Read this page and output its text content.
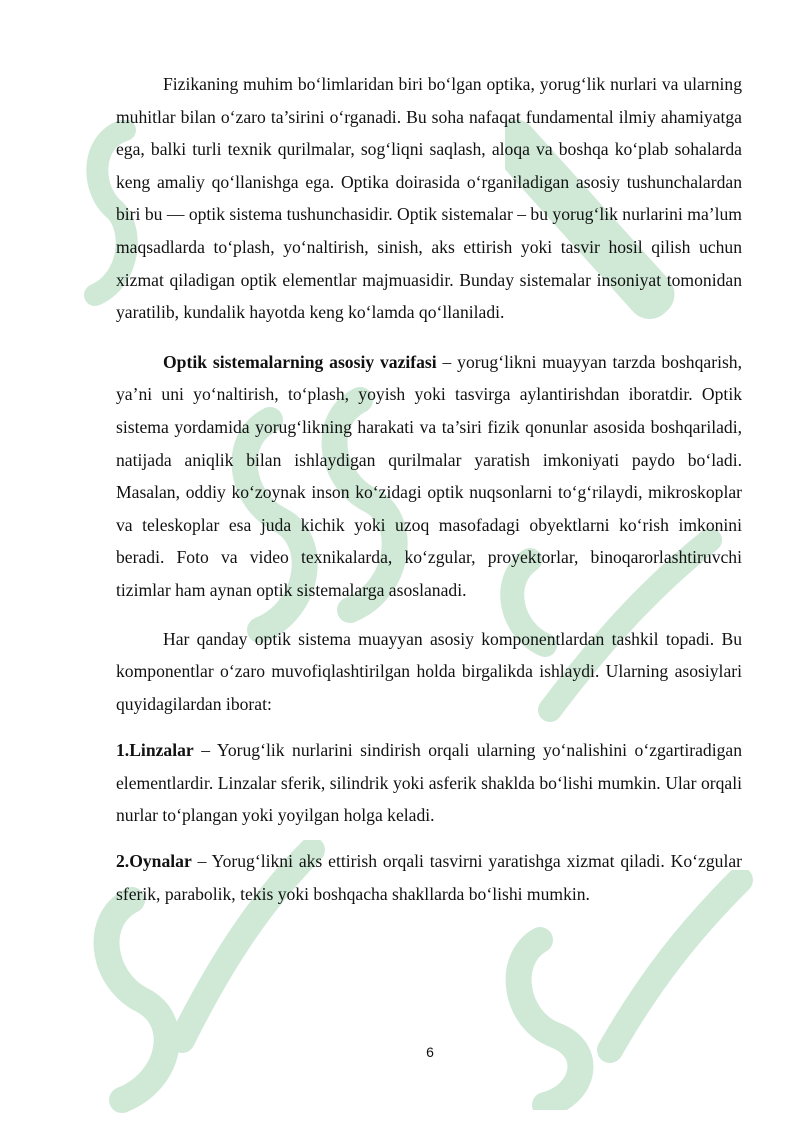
Fizikaning muhim bo‘limlaridan biri bo‘lgan optika, yorug‘lik nurlari va ularning muhitlar bilan o‘zaro ta’sirini o‘rganadi. Bu soha nafaqat fundamental ilmiy ahamiyatga ega, balki turli texnik qurilmalar, sog‘liqni saqlash, aloqa va boshqa ko‘plab sohalarda keng amaliy qo‘llanishga ega. Optika doirasida o‘rganiladigan asosiy tushunchalardan biri bu — optik sistema tushunchasidir. Optik sistemalar – bu yorug‘lik nurlarini ma’lum maqsadlarda to‘plash, yo‘naltirish, sinish, aks ettirish yoki tasvir hosil qilish uchun xizmat qiladigan optik elementlar majmuasidir. Bunday sistemalar insoniyat tomonidan yaratilib, kundalik hayotda keng ko‘lamda qo‘llaniladi.

Optik sistemalarning asosiy vazifasi – yorug‘likni muayyan tarzda boshqarish, ya’ni uni yo‘naltirish, to‘plash, yoyish yoki tasvirga aylantirishdan iboratdir. Optik sistema yordamida yorug‘likning harakati va ta’siri fizik qonunlar asosida boshqariladi, natijada aniqlik bilan ishlaydigan qurilmalar yaratish imkoniyati paydo bo‘ladi. Masalan, oddiy ko‘zoynak inson ko‘zidagi optik nuqsonlarni to‘g‘rilaydi, mikroskoplar va teleskoplar esa juda kichik yoki uzoq masofadagi obyektlarni ko‘rish imkonini beradi. Foto va video texnikalarda, ko‘zgular, proyektorlar, binoqarorlashtiruvchi tizimlar ham aynan optik sistemalarga asoslanadi.

Har qanday optik sistema muayyan asosiy komponentlardan tashkil topadi. Bu komponentlar o‘zaro muvofiqlashtirilgan holda birgalikda ishlaydi. Ularning asosiylari quyidagilardan iborat:

1.Linzalar – Yorug‘lik nurlarini sindirish orqali ularning yo‘nalishini o‘zgartiradigan elementlardir. Linzalar sferik, silindrik yoki asferik shaklda bo‘lishi mumkin. Ular orqali nurlar to‘plangan yoki yoyilgan holga keladi.

2.Oynalar – Yorug‘likni aks ettirish orqali tasvirni yaratishga xizmat qiladi. Ko‘zgular sferik, parabolik, tekis yoki boshqacha shakllarda bo‘lishi mumkin.

6
